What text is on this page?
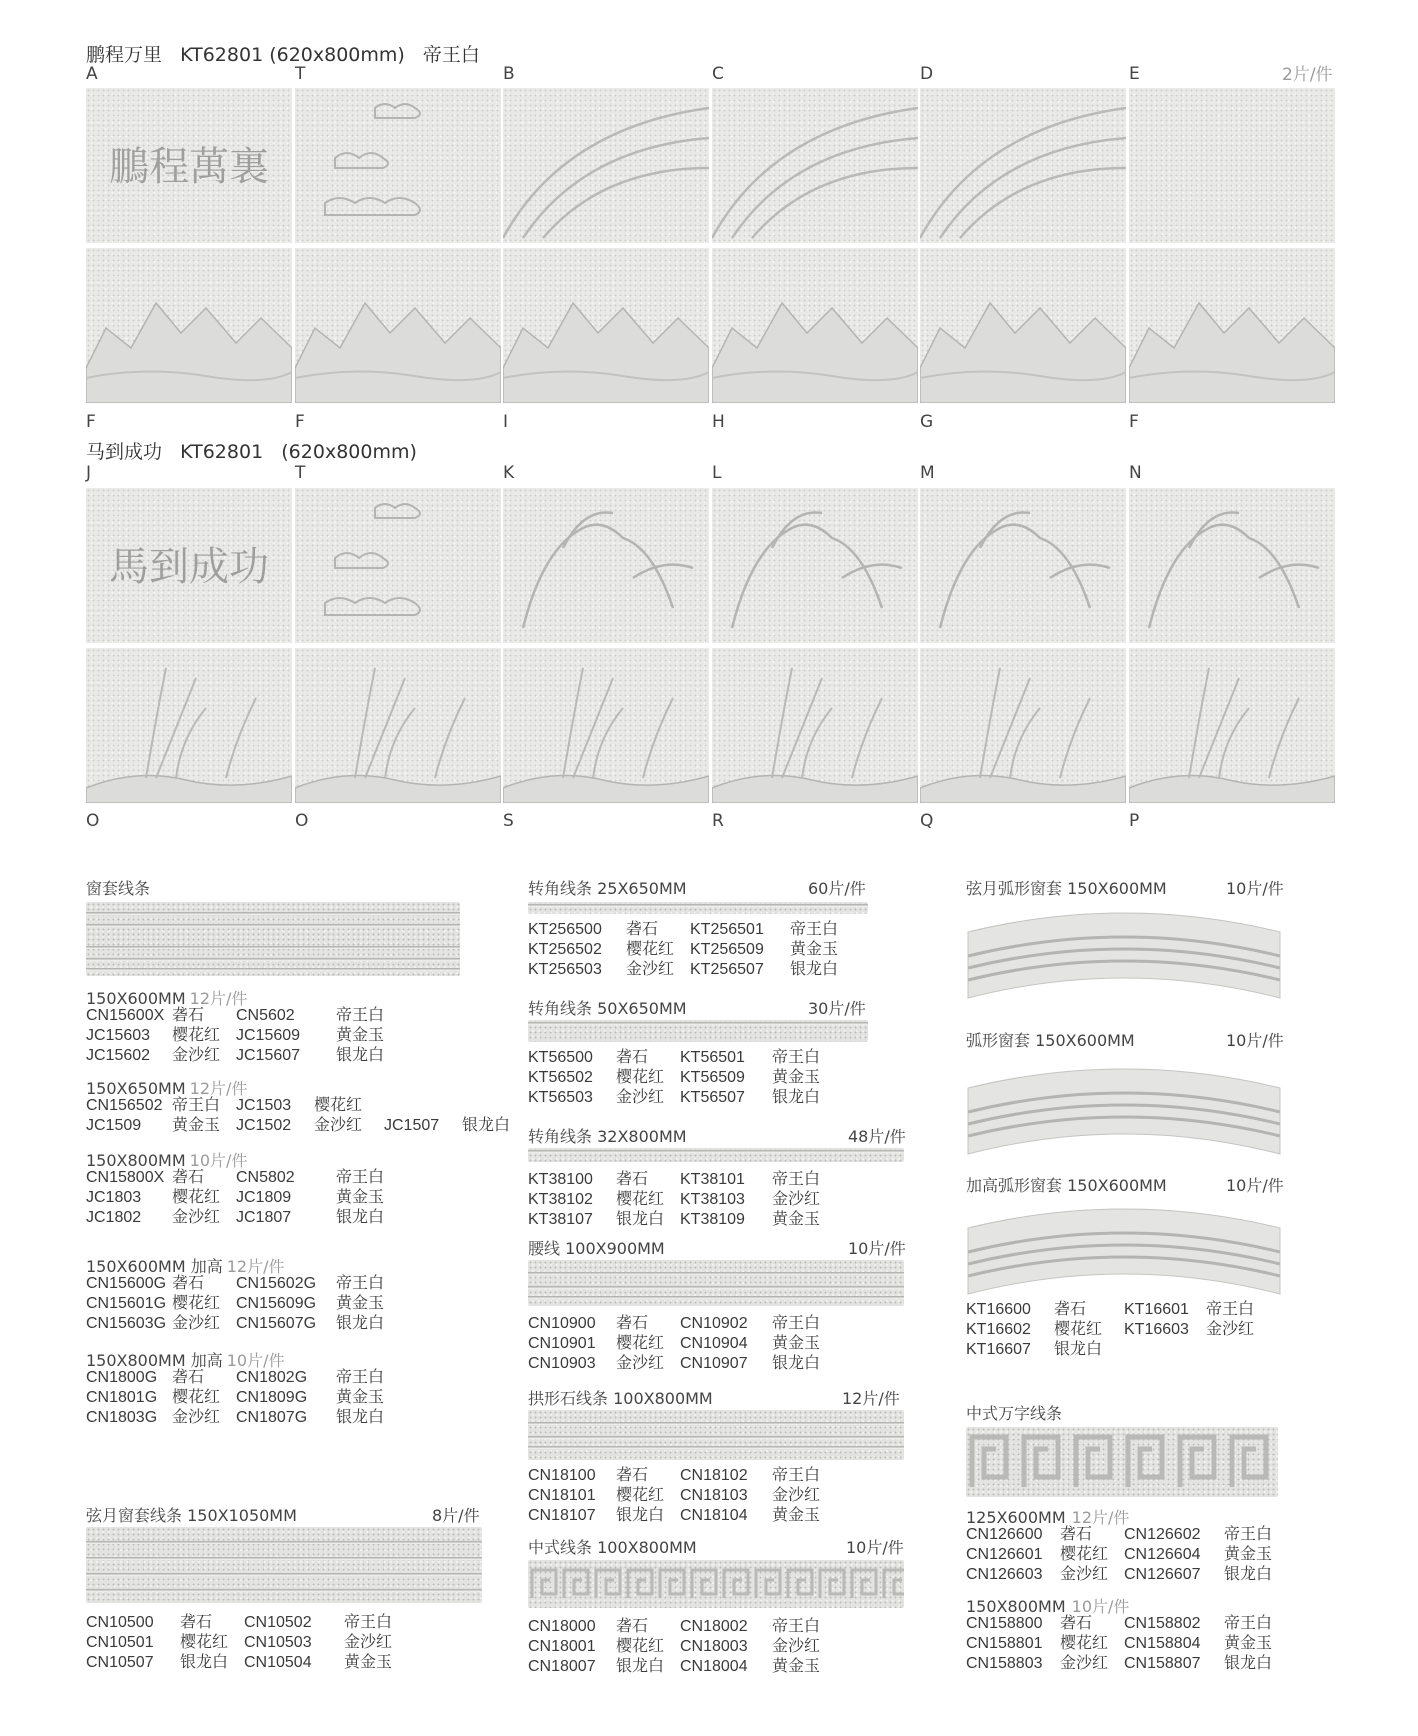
鹏程万里   KT62801 (620x800mm)   帝王白
2片/件
A	T	B	C	D	E
鵬程萬裏
F	F	I	H	G	F
马到成功   KT62801   (620x800mm)
J	T	K	L	M	N
馬到成功
O	O	S	R	Q	P
窗套线条
150X600MM 12片/件
CN15600X 砻石	CN5602	帝王白
JC15603	樱花红 JC15609	黄金玉
JC15602	金沙红 JC15607	银龙白
150X650MM 12片/件
CN156502 帝王白 JC1503	樱花红
JC1509	黄金玉 JC1502	金沙红	JC1507	银龙白
150X800MM 10片/件
CN15800X 砻石	CN5802	帝王白
JC1803	樱花红 JC1809	黄金玉
JC1802	金沙红 JC1807	银龙白
150X600MM 加高 12片/件
CN15600G 砻石	CN15602G	帝王白
CN15601G 樱花红 CN15609G	黄金玉
CN15603G 金沙红 CN15607G	银龙白
150X800MM 加高 10片/件
CN1800G 砻石	CN1802G	帝王白
CN1801G 樱花红 CN1809G	黄金玉
CN1803G 金沙红 CN1807G	银龙白
弦月窗套线条 150X1050MM	8片/件
CN10500	砻石	CN10502	帝王白
CN10501	樱花红 CN10503	金沙红
CN10507	银龙白 CN10504	黄金玉
转角线条 25X650MM	60片/件
KT256500	砻石	KT256501	帝王白
KT256502	樱花红 KT256509	黄金玉
KT256503	金沙红 KT256507	银龙白
转角线条 50X650MM	30片/件
KT56500	砻石	KT56501	帝王白
KT56502	樱花红 KT56509	黄金玉
KT56503	金沙红 KT56507	银龙白
转角线条 32X800MM	48片/件
KT38100	砻石	KT38101	帝王白
KT38102	樱花红 KT38103	金沙红
KT38107	银龙白 KT38109	黄金玉
腰线 100X900MM	10片/件
CN10900	砻石	CN10902	帝王白
CN10901	樱花红 CN10904	黄金玉
CN10903	金沙红 CN10907	银龙白
拱形石线条 100X800MM	12片/件
CN18100	砻石	CN18102	帝王白
CN18101	樱花红 CN18103	金沙红
CN18107	银龙白 CN18104	黄金玉
中式线条 100X800MM	10片/件
CN18000	砻石	CN18002	帝王白
CN18001	樱花红 CN18003	金沙红
CN18007	银龙白 CN18004	黄金玉
弦月弧形窗套 150X600MM	10片/件
弧形窗套 150X600MM	10片/件
加高弧形窗套 150X600MM	10片/件
KT16600	砻石	KT16601	帝王白
KT16602	樱花红	KT16603	金沙红
KT16607	银龙白
中式万字线条
125X600MM 12片/件
CN126600	砻石	CN126602	帝王白
CN126601	樱花红 CN126604	黄金玉
CN126603	金沙红 CN126607	银龙白
150X800MM 10片/件
CN158800	砻石	CN158802	帝王白
CN158801	樱花红 CN158804	黄金玉
CN158803	金沙红 CN158807	银龙白
